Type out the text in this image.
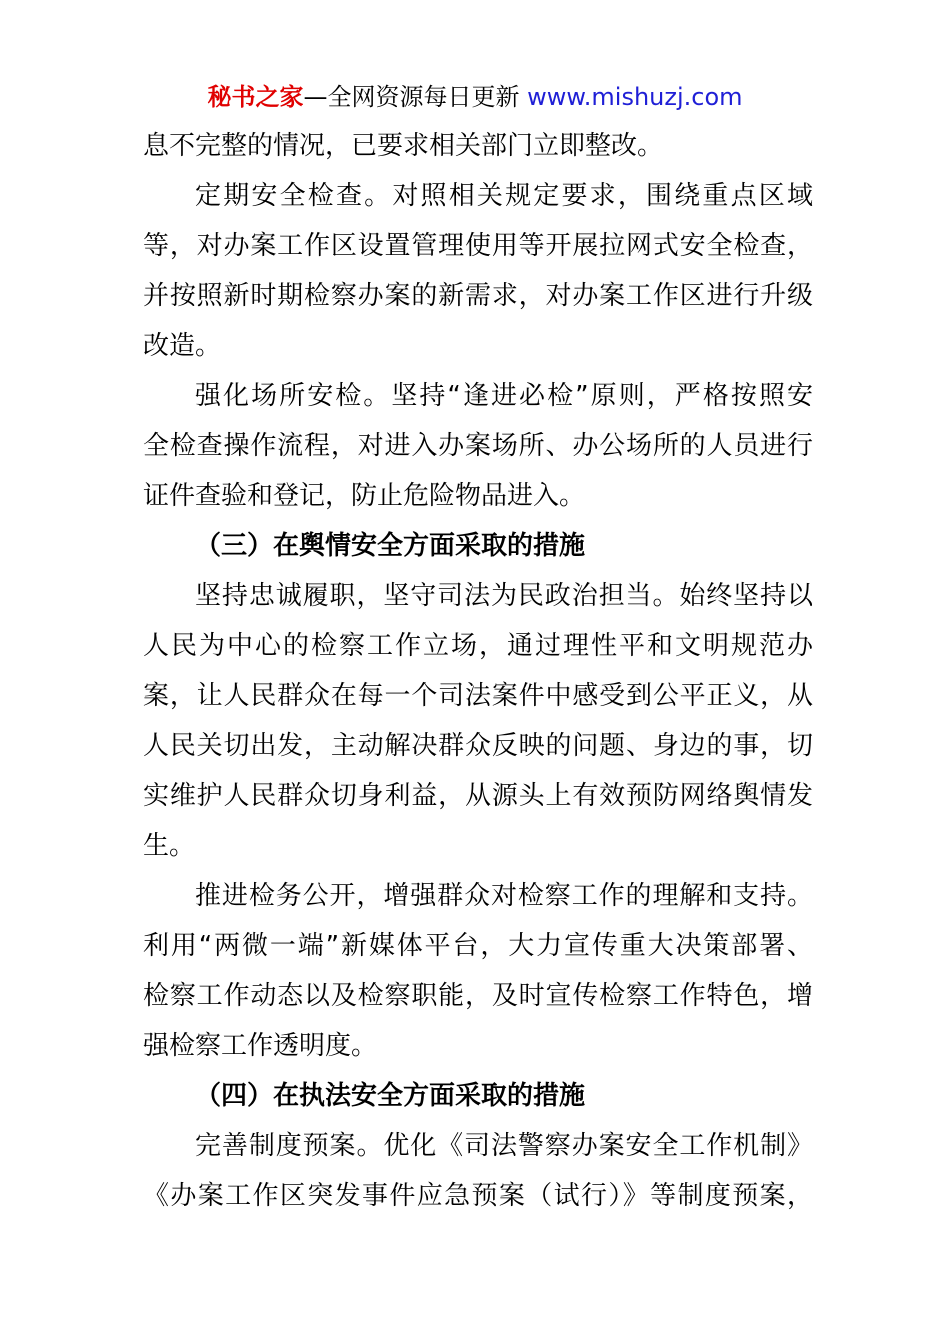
秘书之家—全网资源每日更新 www.mishuzj.com
息不完整的情况，已要求相关部门立即整改。
定期安全检查。对照相关规定要求，围绕重点区域
等，对办案工作区设置管理使用等开展拉网式安全检查，
并按照新时期检察办案的新需求，对办案工作区进行升级
改造。
强化场所安检。坚持“逢进必检”原则，严格按照安
全检查操作流程，对进入办案场所、办公场所的人员进行
证件查验和登记，防止危险物品进入。
（三）在舆情安全方面采取的措施
坚持忠诚履职，坚守司法为民政治担当。始终坚持以
人民为中心的检察工作立场，通过理性平和文明规范办
案，让人民群众在每一个司法案件中感受到公平正义，从
人民关切出发，主动解决群众反映的问题、身边的事，切
实维护人民群众切身利益，从源头上有效预防网络舆情发
生。
推进检务公开，增强群众对检察工作的理解和支持。
利用“两微一端”新媒体平台，大力宣传重大决策部署、
检察工作动态以及检察职能，及时宣传检察工作特色，增
强检察工作透明度。
（四）在执法安全方面采取的措施
完善制度预案。优化《司法警察办案安全工作机制》
《办案工作区突发事件应急预案（试行）》等制度预案，
